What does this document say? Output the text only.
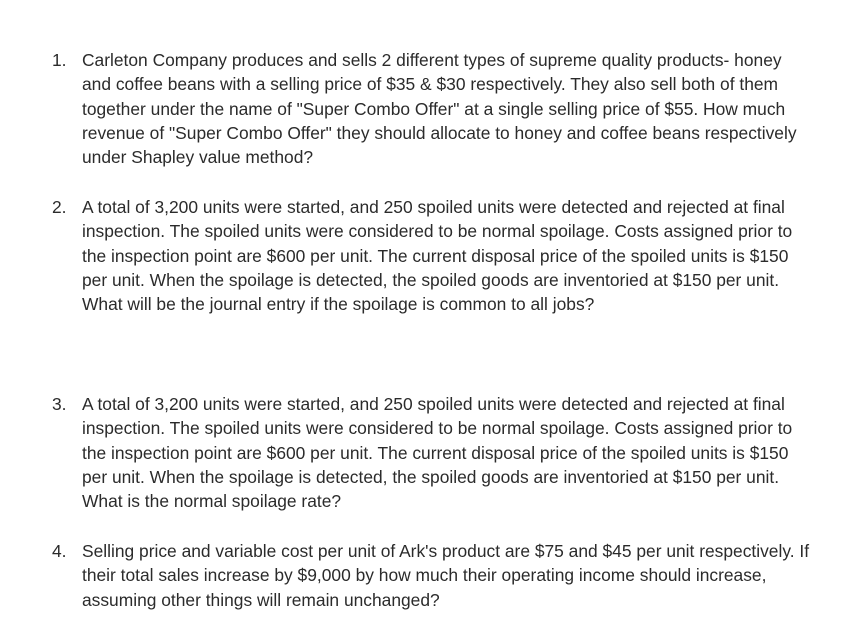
1. Carleton Company produces and sells 2 different types of supreme quality products- honey and coffee beans with a selling price of $35 & $30 respectively. They also sell both of them together under the name of "Super Combo Offer" at a single selling price of $55. How much revenue of "Super Combo Offer" they should allocate to honey and coffee beans respectively under Shapley value method?
2. A total of 3,200 units were started, and 250 spoiled units were detected and rejected at final inspection. The spoiled units were considered to be normal spoilage. Costs assigned prior to the inspection point are $600 per unit. The current disposal price of the spoiled units is $150 per unit. When the spoilage is detected, the spoiled goods are inventoried at $150 per unit. What will be the journal entry if the spoilage is common to all jobs?
3. A total of 3,200 units were started, and 250 spoiled units were detected and rejected at final inspection. The spoiled units were considered to be normal spoilage. Costs assigned prior to the inspection point are $600 per unit. The current disposal price of the spoiled units is $150 per unit. When the spoilage is detected, the spoiled goods are inventoried at $150 per unit. What is the normal spoilage rate?
4. Selling price and variable cost per unit of Ark's product are $75 and $45 per unit respectively. If their total sales increase by $9,000 by how much their operating income should increase, assuming other things will remain unchanged?
